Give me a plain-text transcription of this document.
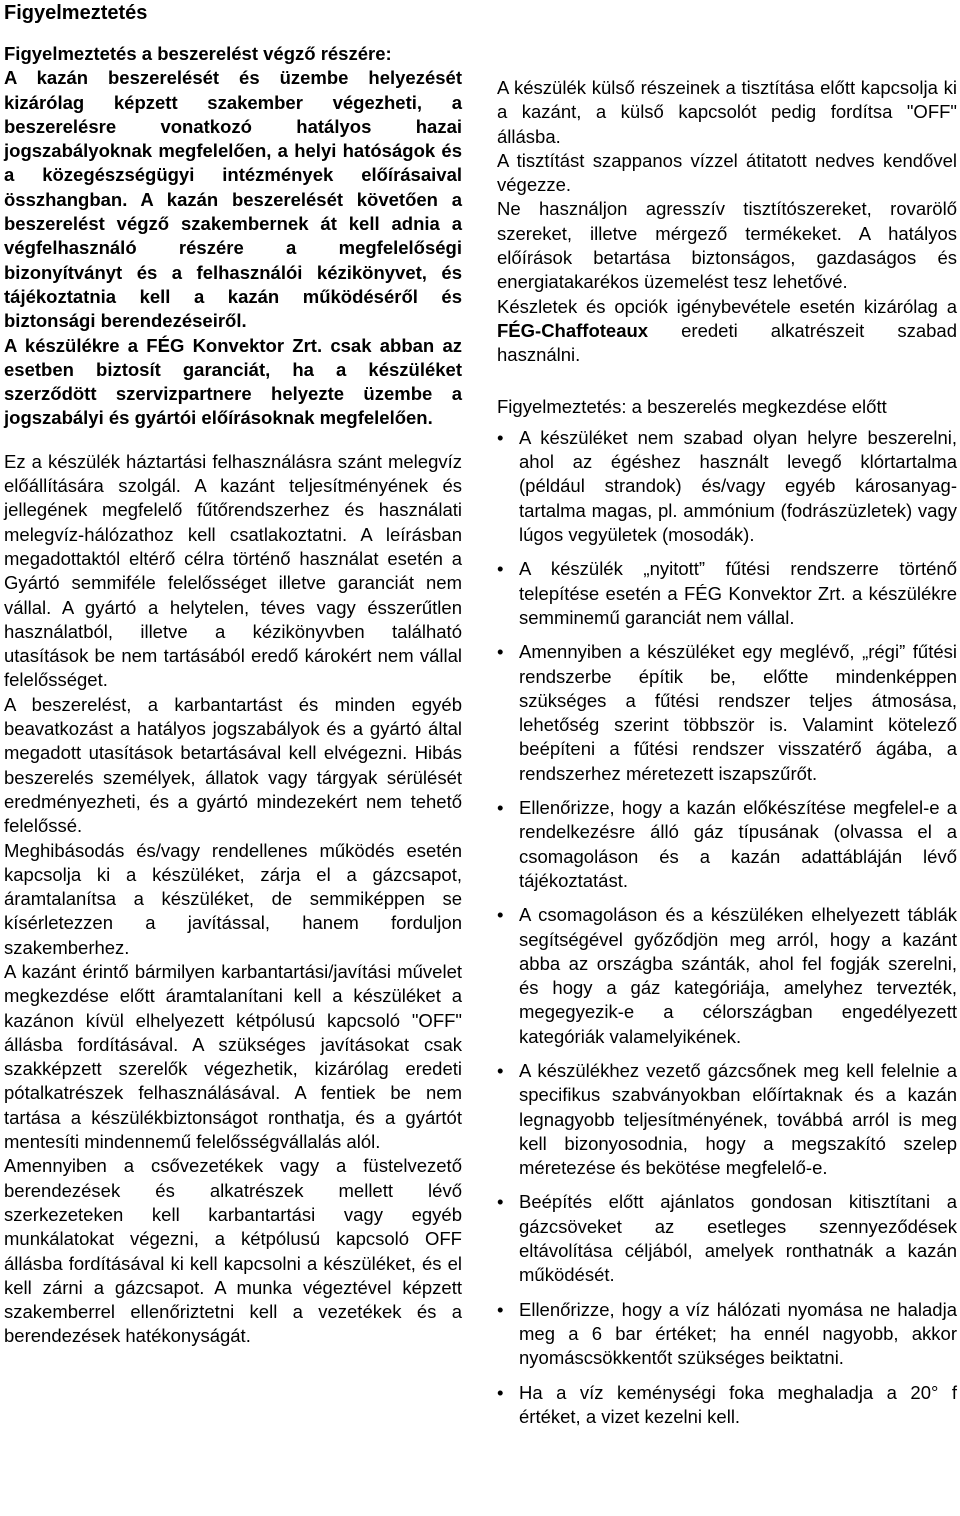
Figyelmeztetés

Figyelmeztetés a beszerelést végző részére:

A kazán beszerelését és üzembe helyezését kizárólag képzett szakember végezheti, a beszerelésre vonatkozó hatályos hazai jogszabályoknak megfelelően, a helyi hatóságok és a közegészségügyi intézmények előírásaival összhangban. A kazán beszerelését követően a beszerelést végző szakembernek át kell adnia a végfelhasználó részére a megfelelőségi bizonyítványt és a felhasználói kézikönyvet, és tájékoztatnia kell a kazán működéséről és biztonsági berendezéseiről.

A készülékre a FÉG Konvektor Zrt. csak abban az esetben biztosít garanciát, ha a készüléket szerződött szervizpartnere helyezte üzembe a jogszabályi és gyártói előírásoknak megfelelően.

Ez a készülék háztartási felhasználásra szánt melegvíz előállítására szolgál. A kazánt teljesítményének és jellegének megfelelő fűtőrendszerhez és használati melegvíz-hálózathoz kell csatlakoztatni. A leírásban megadottaktól eltérő célra történő használat esetén a Gyártó semmiféle felelősséget illetve garanciát nem vállal. A gyártó a helytelen, téves vagy ésszerűtlen használatból, illetve a kézikönyvben található utasítások be nem tartásából eredő károkért nem vállal felelősséget.

A beszerelést, a karbantartást és minden egyéb beavatkozást a hatályos jogszabályok és a gyártó által megadott utasítások betartásával kell elvégezni. Hibás beszerelés személyek, állatok vagy tárgyak sérülését eredményezheti, és a gyártó mindezekért nem tehető felelőssé.

Meghibásodás és/vagy rendellenes működés esetén kapcsolja ki a készüléket, zárja el a gázcsapot, áramtalanítsa a készüléket, de semmiképpen se kísérletezzen a javítással, hanem forduljon szakemberhez.

A kazánt érintő bármilyen karbantartási/javítási művelet megkezdése előtt áramtalanítani kell a készüléket a kazánon kívül elhelyezett kétpólusú kapcsoló "OFF" állásba fordításával. A szükséges javításokat csak szakképzett szerelők végezhetik, kizárólag eredeti pótalkatrészek felhasználásával. A fentiek be nem tartása a készülékbiztonságot ronthatja, és a gyártót mentesíti mindennemű felelősségvállalás alól.

Amennyiben a csővezetékek vagy a füstelvezető berendezések és alkatrészek mellett lévő szerkezeteken kell karbantartási vagy egyéb munkálatokat végezni, a kétpólusú kapcsoló OFF állásba fordításával ki kell kapcsolni a készüléket, és el kell zárni a gázcsapot. A munka végeztével képzett szakemberrel ellenőriztetni kell a vezetékek és a berendezések hatékonyságát.

A készülék külső részeinek a tisztítása előtt kapcsolja ki a kazánt, a külső kapcsolót pedig fordítsa "OFF" állásba.

A tisztítást szappanos vízzel átitatott nedves kendővel végezze.

Ne használjon agresszív tisztítószereket, rovarölő szereket, illetve mérgező termékeket. A hatályos előírások betartása biztonságos, gazdaságos és energiatakarékos üzemelést tesz lehetővé.

Készletek és opciók igénybevétele esetén kizárólag a FÉG-Chaffoteaux eredeti alkatrészeit szabad használni.

Figyelmeztetés: a beszerelés megkezdése előtt

• A készüléket nem szabad olyan helyre beszerelni, ahol az égéshez használt levegő klórtartalma (például strandok) és/vagy egyéb károsanyag-tartalma magas, pl. ammónium (fodrászüzletek) vagy lúgos vegyületek (mosodák).
• A készülék „nyitott” fűtési rendszerre történő telepítése esetén a FÉG Konvektor Zrt. a készülékre semminemű garanciát nem vállal.
• Amennyiben a készüléket egy meglévő, „régi” fűtési rendszerbe építik be, előtte mindenképpen szükséges a fűtési rendszer teljes átmosása, lehetőség szerint többször is. Valamint kötelező beépíteni a fűtési rendszer visszatérő ágába, a rendszerhez méretezett iszapszűrőt.
• Ellenőrizze, hogy a kazán előkészítése megfelel-e a rendelkezésre álló gáz típusának (olvassa el a csomagoláson és a kazán adattábláján lévő tájékoztatást.
• A csomagoláson és a készüléken elhelyezett táblák segítségével győződjön meg arról, hogy a kazánt abba az országba szánták, ahol fel fogják szerelni, és hogy a gáz kategóriája, amelyhez tervezték, megegyezik-e a célországban engedélyezett kategóriák valamelyikének.
• A készülékhez vezető gázcsőnek meg kell felelnie a specifikus szabványokban előírtaknak és a kazán legnagyobb teljesítményének, továbbá arról is meg kell bizonyosodnia, hogy a megszakító szelep méretezése és bekötése megfelelő-e.
• Beépítés előtt ajánlatos gondosan kitisztítani a gázcsöveket az esetleges szennyeződések eltávolítása céljából, amelyek ronthatnák a kazán működését.
• Ellenőrizze, hogy a víz hálózati nyomása ne haladja meg a 6 bar értéket; ha ennél nagyobb, akkor nyomáscsökkentőt szükséges beiktatni.
• Ha a víz keménységi foka meghaladja a 20° f értéket, a vizet kezelni kell.
